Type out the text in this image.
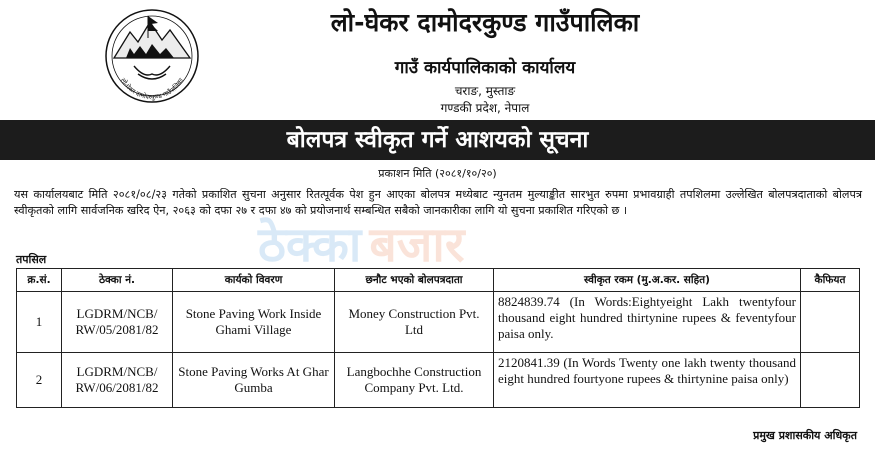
लो-घेकर दामोदरकुण्ड गाउँपालिका
लो-घेकर दामोदरकुण्ड गाउँपालिका
गाउँ कार्यपालिकाको कार्यालय
चराङ, मुस्ताङ
गण्डकी प्रदेश, नेपाल
बोलपत्र स्वीकृत गर्ने आशयको सूचना
प्रकाशन मिति (२०८१/१०/२०)
यस कार्यालयबाट मिति २०८१/०८/२३ गतेको प्रकाशित सुचना अनुसार रितत्पूर्वक पेश हुन आएका बोलपत्र मध्येबाट न्युनतम मुल्याङ्कीत सारभुत रुपमा प्रभावग्राही तपशिलमा उल्लेखित बोलपत्रदाताको बोलपत्र स्वीकृतको लागि सार्वजनिक खरिद ऐन, २०६३ को दफा २७ र दफा ४७ को प्रयोजनार्थ सम्बन्धित सबैको जानकारीका लागि यो सुचना प्रकाशित गरिएको छ ।
ठेक्का बजार
तपसिल
क्र.सं.	ठेक्का नं.	कार्यको विवरण	छनौट भएको बोलपत्रदाता	स्वीकृत रकम (मु.अ.कर. सहित)	कैफियत
1	LGDRM/NCB/ RW/05/2081/82	Stone Paving Work Inside Ghami Village	Money Construction Pvt. Ltd	8824839.74 (In Words:Eightyeight Lakh twentyfour thousand eight hundred thirtynine rupees & feventyfour paisa only.	
2	LGDRM/NCB/ RW/06/2081/82	Stone Paving Works At Ghar Gumba	Langbochhe Construction Company Pvt. Ltd.	2120841.39 (In Words Twenty one lakh twenty thousand eight hundred fourtyone rupees & thirtynine paisa only)	
प्रमुख प्रशासकीय अधिकृत
